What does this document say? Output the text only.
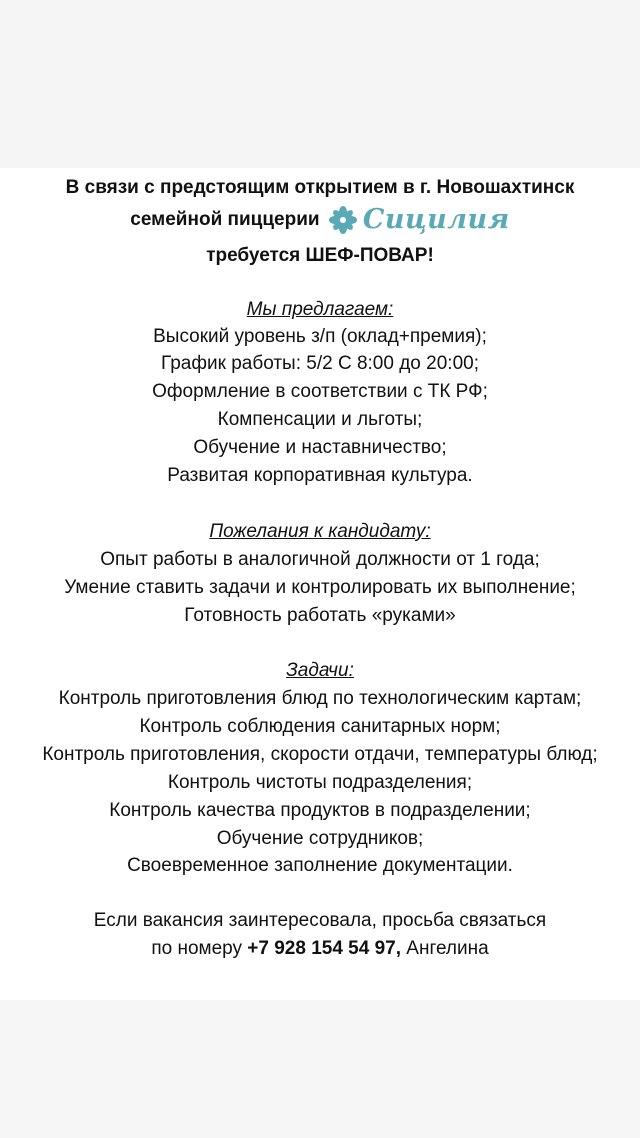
В связи с предстоящим открытием в г. Новошахтинск
семейной пиццерии Сицилия
требуется ШЕФ-ПОВАР!
Мы предлагаем:
Высокий уровень з/п (оклад+премия);
График работы: 5/2 С 8:00 до 20:00;
Оформление в соответствии с ТК РФ;
Компенсации и льготы;
Обучение и наставничество;
Развитая корпоративная культура.
Пожелания к кандидату:
Опыт работы в аналогичной должности от 1 года;
Умение ставить задачи и контролировать их выполнение;
Готовность работать «руками»
Задачи:
Контроль приготовления блюд по технологическим картам;
Контроль соблюдения санитарных норм;
Контроль приготовления, скорости отдачи, температуры блюд;
Контроль чистоты подразделения;
Контроль качества продуктов в подразделении;
Обучение сотрудников;
Своевременное заполнение документации.
Если вакансия заинтересовала, просьба связаться
по номеру +7 928 154 54 97, Ангелина
